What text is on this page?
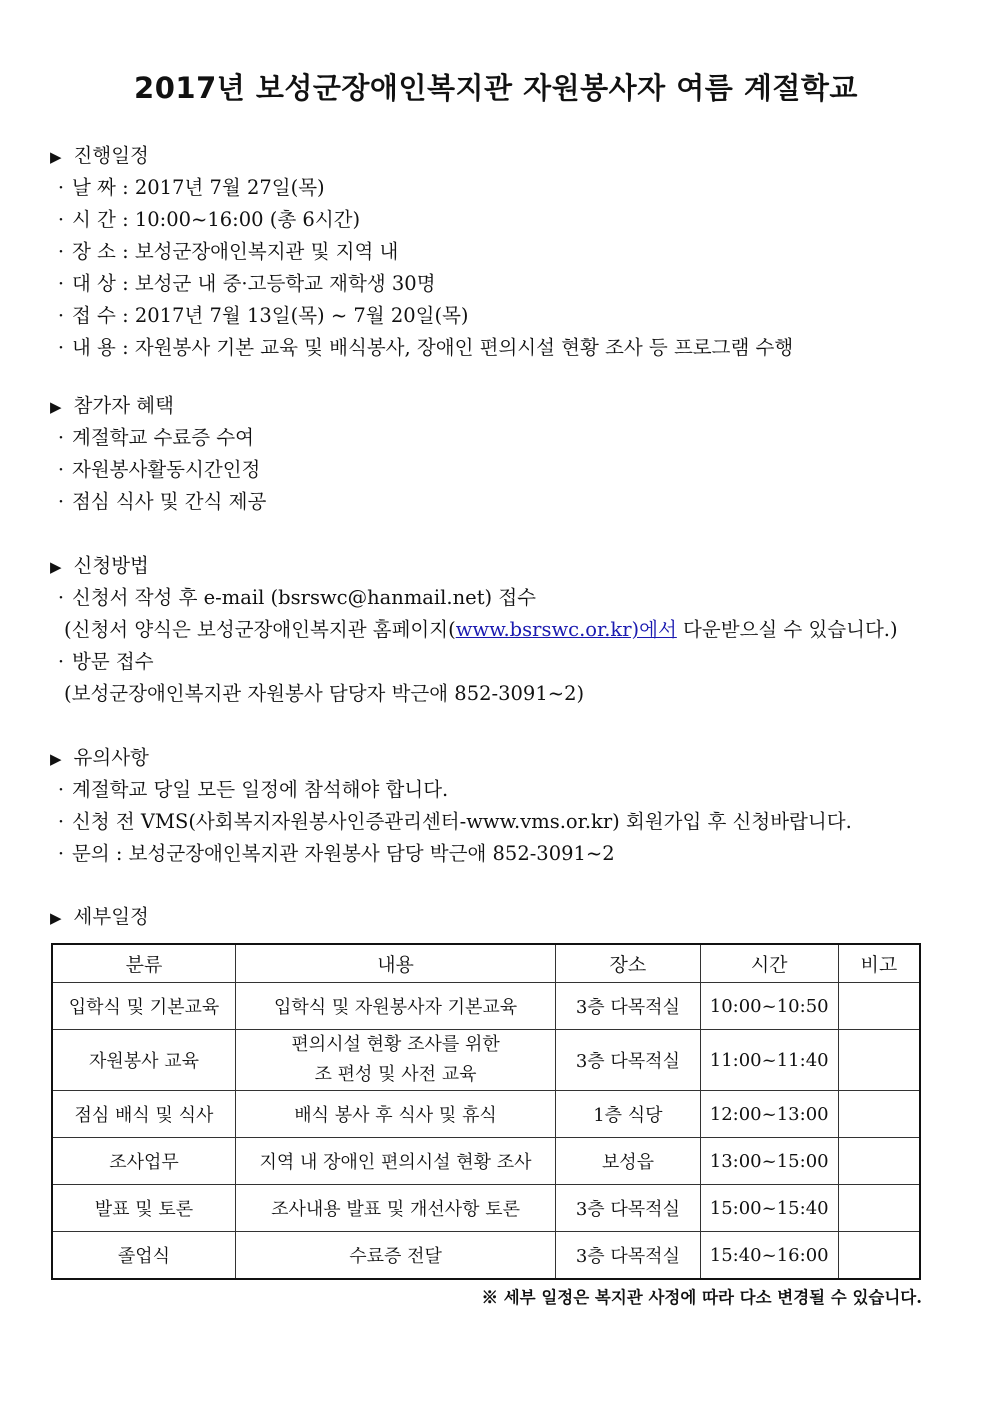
2017년 보성군장애인복지관 자원봉사자 여름 계절학교
▶ 진행일정
· 날 짜 : 2017년 7월 27일(목)
· 시 간 : 10:00~16:00 (총 6시간)
· 장 소 : 보성군장애인복지관 및 지역 내
· 대 상 : 보성군 내 중·고등학교 재학생 30명
· 접 수 : 2017년 7월 13일(목) ~ 7월 20일(목)
· 내 용 : 자원봉사 기본 교육 및 배식봉사, 장애인 편의시설 현황 조사 등 프로그램 수행
▶ 참가자 혜택
· 계절학교 수료증 수여
· 자원봉사활동시간인정
· 점심 식사 및 간식 제공
▶ 신청방법
· 신청서 작성 후 e-mail (bsrswc@hanmail.net) 접수
(신청서 양식은 보성군장애인복지관 홈페이지(www.bsrswc.or.kr)에서 다운받으실 수 있습니다.)
· 방문 접수
(보성군장애인복지관 자원봉사 담당자 박근애 852-3091~2)
▶ 유의사항
· 계절학교 당일 모든 일정에 참석해야 합니다.
· 신청 전 VMS(사회복지자원봉사인증관리센터-www.vms.or.kr) 회원가입 후 신청바랍니다.
· 문의 : 보성군장애인복지관 자원봉사 담당 박근애 852-3091~2
▶ 세부일정
분류	내용	장소	시간	비고
입학식 및 기본교육	입학식 및 자원봉사자 기본교육	3층 다목적실	10:00~10:50	
자원봉사 교육	편의시설 현황 조사를 위한
조 편성 및 사전 교육	3층 다목적실	11:00~11:40	
점심 배식 및 식사	배식 봉사 후 식사 및 휴식	1층 식당	12:00~13:00	
조사업무	지역 내 장애인 편의시설 현황 조사	보성읍	13:00~15:00	
발표 및 토론	조사내용 발표 및 개선사항 토론	3층 다목적실	15:00~15:40	
졸업식	수료증 전달	3층 다목적실	15:40~16:00	
※ 세부 일정은 복지관 사정에 따라 다소 변경될 수 있습니다.
